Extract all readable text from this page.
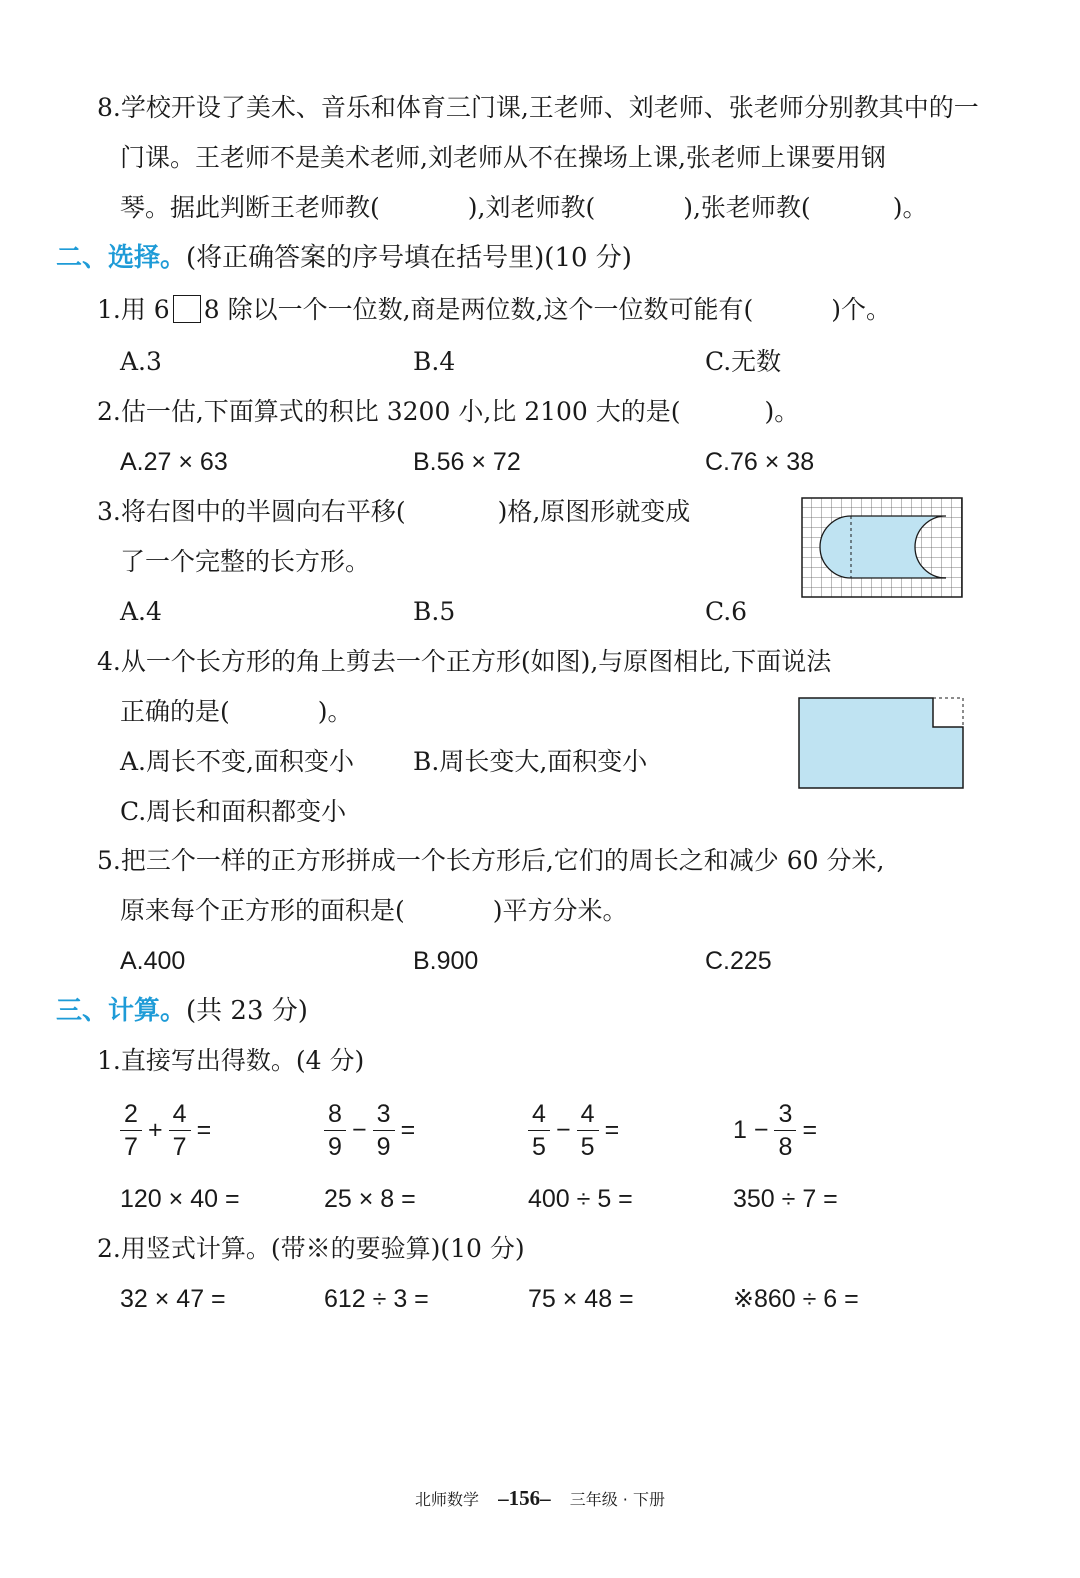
8.学校开设了美术、音乐和体育三门课,王老师、刘老师、张老师分别教其中的一
门课。王老师不是美术老师,刘老师从不在操场上课,张老师上课要用钢
琴。据此判断王老师教(	),刘老师教(	),张老师教(	)。
二、选择。(将正确答案的序号填在括号里)(10 分)
1.用 6 8 除以一个一位数,商是两位数,这个一位数可能有(	)个。
A.3	B.4	C.无数
2.估一估,下面算式的积比 3200 小,比 2100 大的是(	)。
A.27 × 63	B.56 × 72	C.76 × 38
3.将右图中的半圆向右平移(	)格,原图形就变成
了一个完整的长方形。
A.4	B.5	C.6
4.从一个长方形的角上剪去一个正方形(如图),与原图相比,下面说法
正确的是(	)。
A.周长不变,面积变小 B.周长变大,面积变小
C.周长和面积都变小
5.把三个一样的正方形拼成一个长方形后,它们的周长之和减少 60 分米,
原来每个正方形的面积是(	)平方分米。
A.400	B.900	C.225
三、计算。(共 23 分)
1.直接写出得数。(4 分)
$\frac{2}{7} + \frac{4}{7}$ =	$\frac{8}{9} - \frac{3}{9}$ =	$\frac{4}{5} - \frac{4}{5}$ =	$1 - \frac{3}{8}$ =
120 × 40 =	25 × 8 =	400 ÷ 5 =	350 ÷ 7 =
2.用竖式计算。(带※的要验算)(10 分)
32 × 47 =	612 ÷ 3 =	75 × 48 =	※860 ÷ 6 =
北师数学 –156– 三年级 · 下册
